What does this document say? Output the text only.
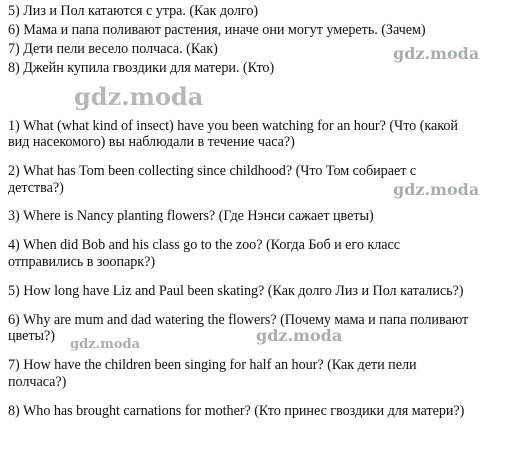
5) Лиз и Пол катаются с утра. (Как долго)
6) Мама и папа поливают растения, иначе они могут умереть. (Зачем)
7) Дети пели весело полчаса. (Как)
8) Джейн купила гвоздики для матери. (Кто)
1) What (what kind of insect) have you been watching for an hour? (Что (какой
вид насекомого) вы наблюдали в течение часа?)
2) What has Tom been collecting since childhood? (Что Том собирает с
детства?)
3) Where is Nancy planting flowers? (Где Нэнси сажает цветы)
4) When did Bob and his class go to the zoo? (Когда Боб и его класс
отправились в зоопарк?)
5) How long have Liz and Paul been skating? (Как долго Лиз и Пол катались?)
6) Why are mum and dad watering the flowers? (Почему мама и папа поливают
цветы?)
7) How have the children been singing for half an hour? (Как дети пели
полчаса?)
8) Who has brought carnations for mother? (Кто принес гвоздики для матери?)
gdz.moda
gdz.moda
gdz.moda
gdz.moda
gdz.moda
